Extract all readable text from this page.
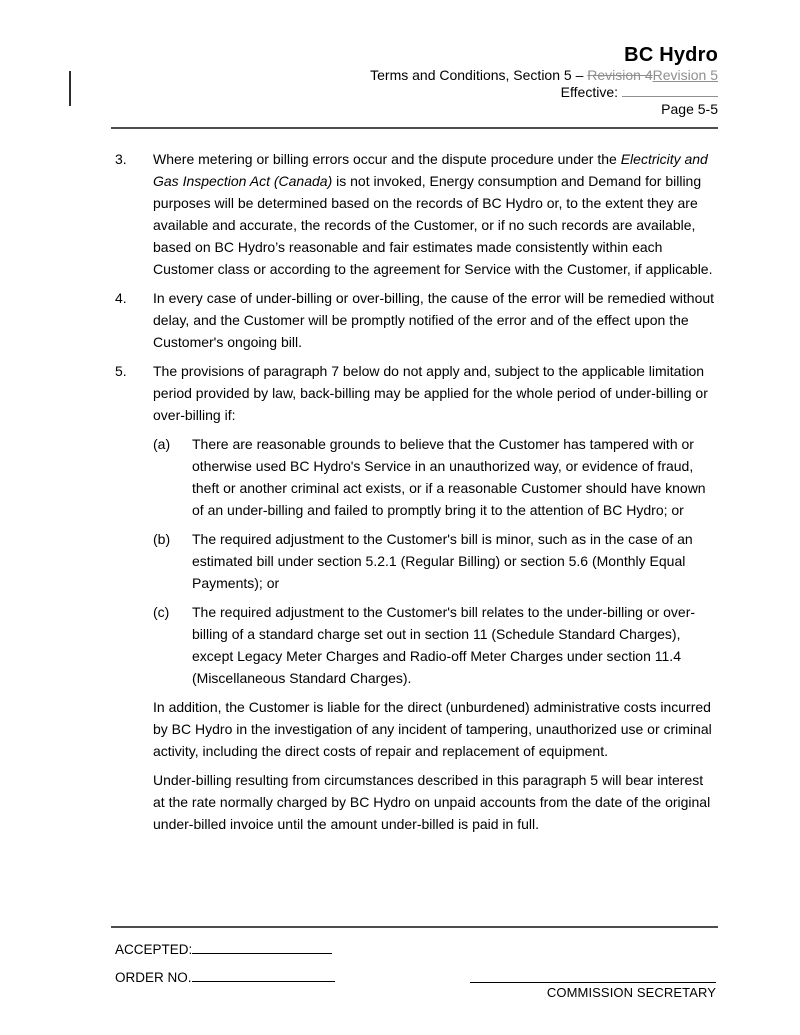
BC Hydro
Terms and Conditions, Section 5 – Revision 4Revision 5
Effective:
Page 5-5
3.	Where metering or billing errors occur and the dispute procedure under the Electricity and Gas Inspection Act (Canada) is not invoked, Energy consumption and Demand for billing purposes will be determined based on the records of BC Hydro or, to the extent they are available and accurate, the records of the Customer, or if no such records are available, based on BC Hydro’s reasonable and fair estimates made consistently within each Customer class or according to the agreement for Service with the Customer, if applicable.
4.	In every case of under-billing or over-billing, the cause of the error will be remedied without delay, and the Customer will be promptly notified of the error and of the effect upon the Customer's ongoing bill.
5.	The provisions of paragraph 7 below do not apply and, subject to the applicable limitation period provided by law, back-billing may be applied for the whole period of under-billing or over-billing if:
(a)	There are reasonable grounds to believe that the Customer has tampered with or otherwise used BC Hydro's Service in an unauthorized way, or evidence of fraud, theft or another criminal act exists, or if a reasonable Customer should have known of an under-billing and failed to promptly bring it to the attention of BC Hydro; or
(b)	The required adjustment to the Customer's bill is minor, such as in the case of an estimated bill under section 5.2.1 (Regular Billing) or section 5.6 (Monthly Equal Payments); or
(c)	The required adjustment to the Customer's bill relates to the under-billing or over-billing of a standard charge set out in section 11 (Schedule Standard Charges), except Legacy Meter Charges and Radio-off Meter Charges under section 11.4 (Miscellaneous Standard Charges).
In addition, the Customer is liable for the direct (unburdened) administrative costs incurred by BC Hydro in the investigation of any incident of tampering, unauthorized use or criminal activity, including the direct costs of repair and replacement of equipment.
Under-billing resulting from circumstances described in this paragraph 5 will bear interest at the rate normally charged by BC Hydro on unpaid accounts from the date of the original under-billed invoice until the amount under-billed is paid in full.
ACCEPTED:
ORDER NO.
COMMISSION SECRETARY
